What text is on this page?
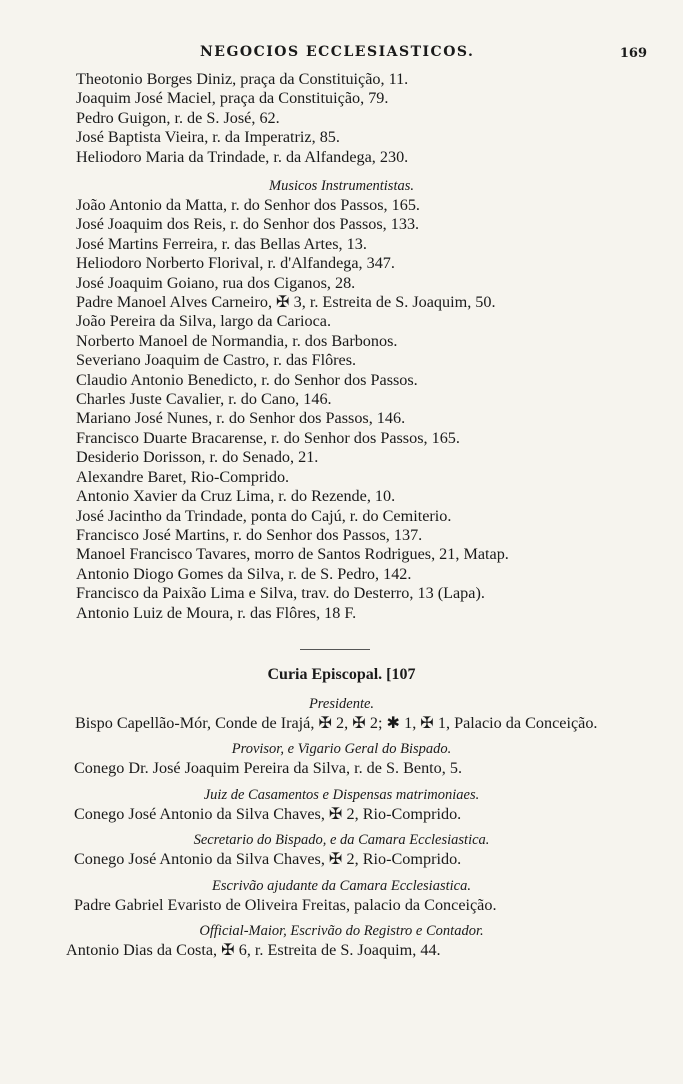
NEGOCIOS ECCLESIASTICOS.	169
Theotonio Borges Diniz, praça da Constituição, 11.
Joaquim José Maciel, praça da Constituição, 79.
Pedro Guigon, r. de S. José, 62.
José Baptista Vieira, r. da Imperatriz, 85.
Heliodoro Maria da Trindade, r. da Alfandega, 230.
Musicos Instrumentistas.
João Antonio da Matta, r. do Senhor dos Passos, 165.
José Joaquim dos Reis, r. do Senhor dos Passos, 133.
José Martins Ferreira, r. das Bellas Artes, 13.
Heliodoro Norberto Florival, r. d'Alfandega, 347.
José Joaquim Goiano, rua dos Ciganos, 28.
Padre Manoel Alves Carneiro, ✠ 3, r. Estreita de S. Joaquim, 50.
João Pereira da Silva, largo da Carioca.
Norberto Manoel de Normandia, r. dos Barbonos.
Severiano Joaquim de Castro, r. das Flôres.
Claudio Antonio Benedicto, r. do Senhor dos Passos.
Charles Juste Cavalier, r. do Cano, 146.
Mariano José Nunes, r. do Senhor dos Passos, 146.
Francisco Duarte Bracarense, r. do Senhor dos Passos, 165.
Desiderio Dorisson, r. do Senado, 21.
Alexandre Baret, Rio-Comprido.
Antonio Xavier da Cruz Lima, r. do Rezende, 10.
José Jacintho da Trindade, ponta do Cajú, r. do Cemiterio.
Francisco José Martins, r. do Senhor dos Passos, 137.
Manoel Francisco Tavares, morro de Santos Rodrigues, 21, Matap.
Antonio Diogo Gomes da Silva, r. de S. Pedro, 142.
Francisco da Paixão Lima e Silva, trav. do Desterro, 13 (Lapa).
Antonio Luiz de Moura, r. das Flôres, 18 F.
Curia Episcopal. [107
Presidente.
Bispo Capellão-Mór, Conde de Irajá, ✠ 2, ✠ 2; ✱ 1, ✠ 1, Palacio da Conceição.
Provisor, e Vigario Geral do Bispado.
Conego Dr. José Joaquim Pereira da Silva, r. de S. Bento, 5.
Juiz de Casamentos e Dispensas matrimoniaes.
Conego José Antonio da Silva Chaves, ✠ 2, Rio-Comprido.
Secretario do Bispado, e da Camara Ecclesiastica.
Conego José Antonio da Silva Chaves, ✠ 2, Rio-Comprido.
Escrivão ajudante da Camara Ecclesiastica.
Padre Gabriel Evaristo de Oliveira Freitas, palacio da Conceição.
Official-Maior, Escrivão do Registro e Contador.
Antonio Dias da Costa, ✠ 6, r. Estreita de S. Joaquim, 44.
